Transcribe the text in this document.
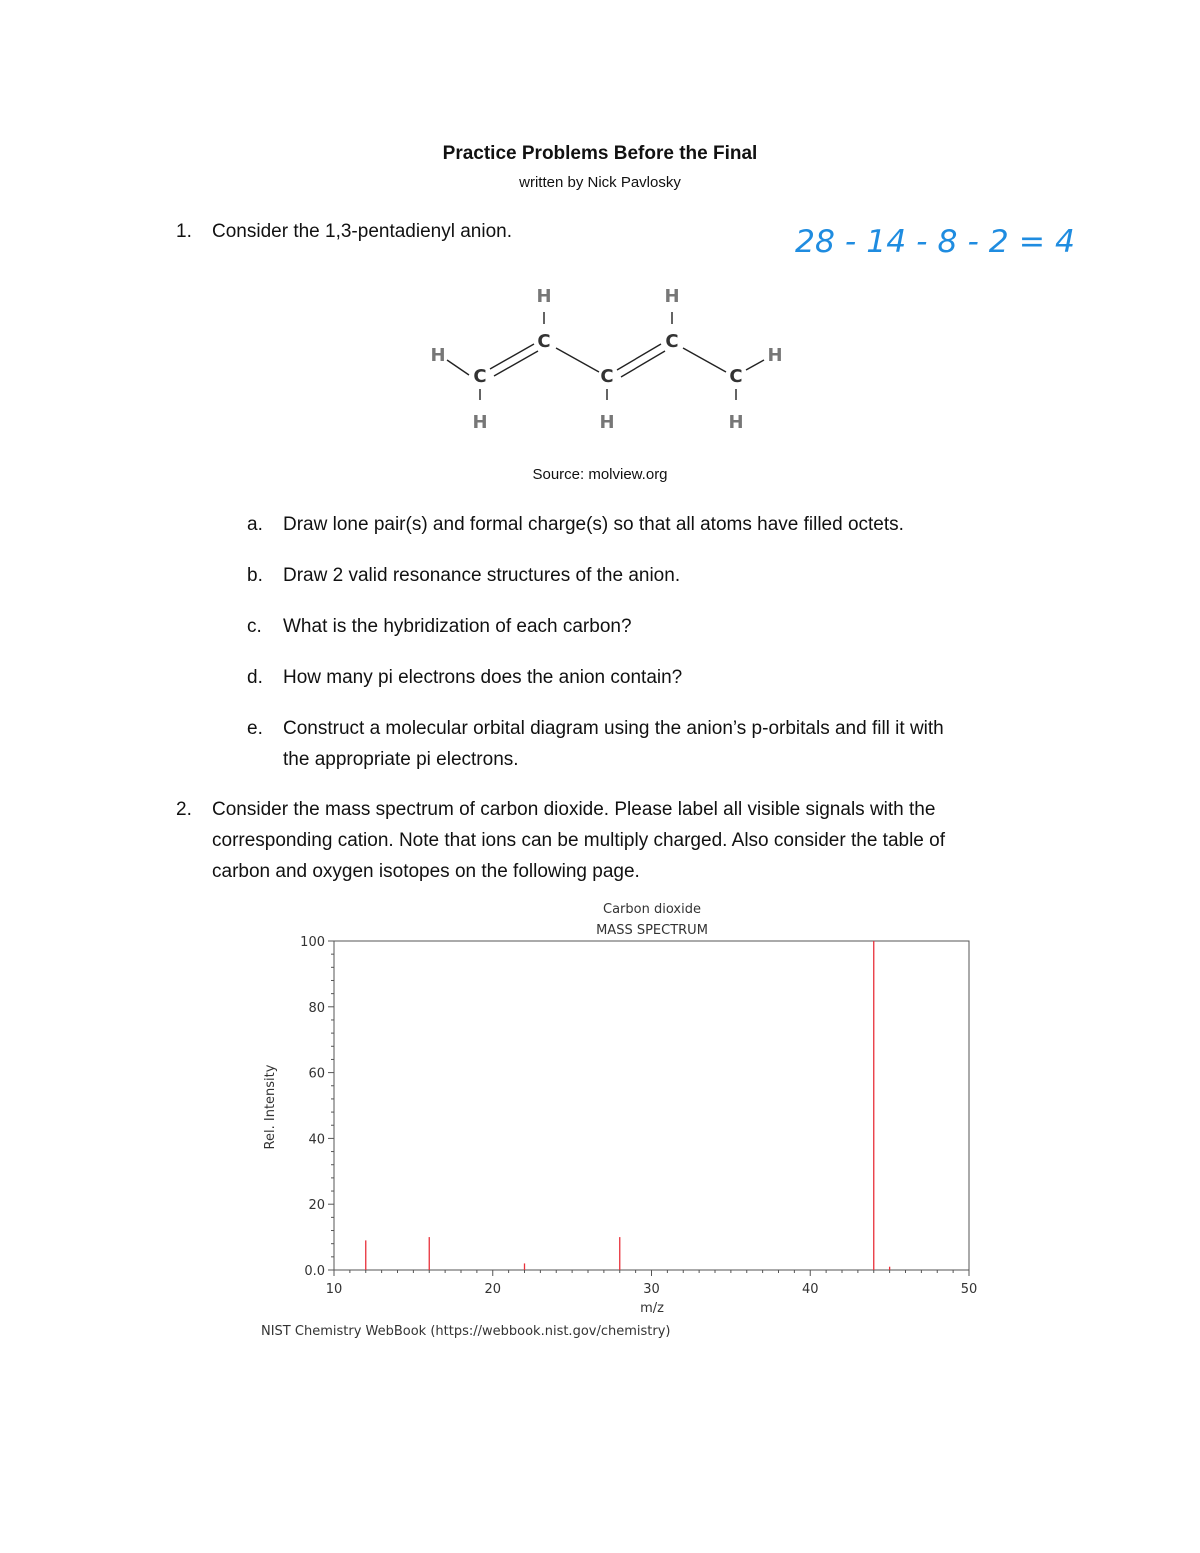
Practice Problems Before the Final
written by Nick Pavlosky
28 - 14 - 8 - 2 = 4
1. Consider the 1,3-pentadienyl anion.
C	C
C	C	C
H	H
H	H
H	H	H
Source: molview.org
a. Draw lone pair(s) and formal charge(s) so that all atoms have filled octets.
b. Draw 2 valid resonance structures of the anion.
c. What is the hybridization of each carbon?
d. How many pi electrons does the anion contain?
e. Construct a molecular orbital diagram using the anion’s p-orbitals and fill it with
the appropriate pi electrons.
2. Consider the mass spectrum of carbon dioxide. Please label all visible signals with the
corresponding cation. Note that ions can be multiply charged. Also consider the table of
carbon and oxygen isotopes on the following page.
Carbon dioxide
MASS SPECTRUM
10	20	30	40	50
0.0
20
40
60
80
100
m/z
Rel. Intensity
NIST Chemistry WebBook (https://webbook.nist.gov/chemistry)
